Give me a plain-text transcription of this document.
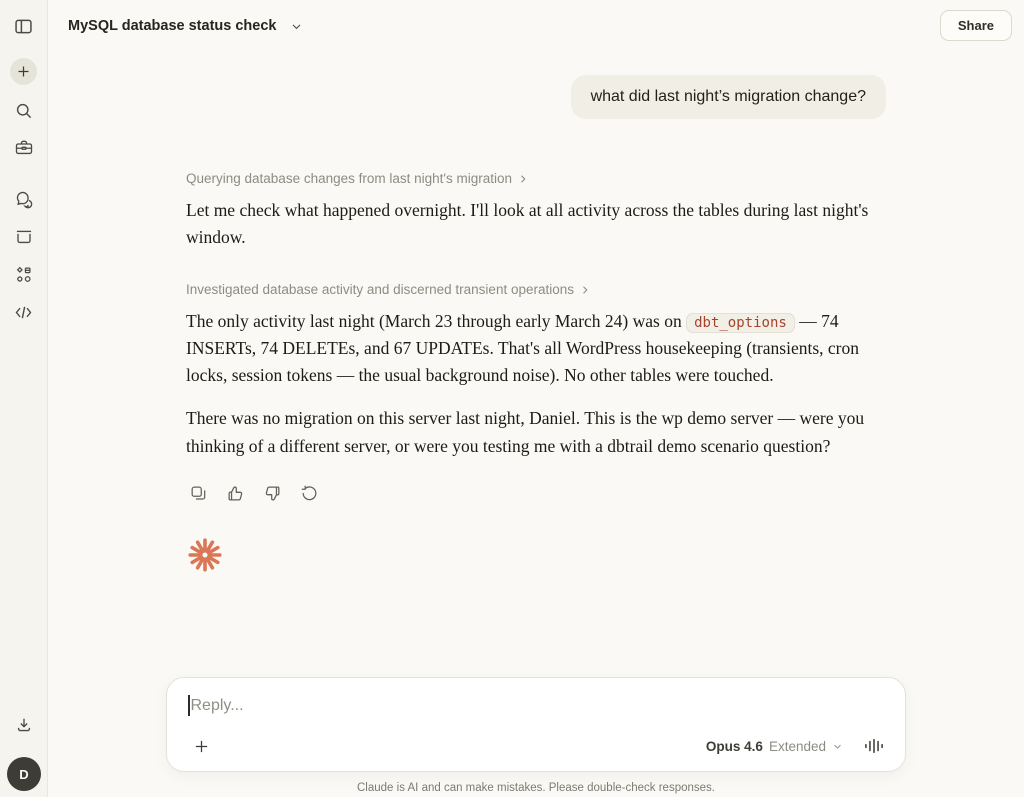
D
MySQL database status check	Share
what did last night’s migration change?
Querying database changes from last night's migration

Let me check what happened overnight. I'll look at all activity across the tables during last night's window.

Investigated database activity and discerned transient operations

The only activity last night (March 23 through early March 24) was on dbt_options — 74 INSERTs, 74 DELETEs, and 67 UPDATEs. That's all WordPress housekeeping (transients, cron locks, session tokens — the usual background noise). No other tables were touched.

There was no migration on this server last night, Daniel. This is the wp demo server — were you thinking of a different server, or were you testing me with a dbtrail demo scenario question?

Reply...
Opus 4.6 Extended
Claude is AI and can make mistakes. Please double-check responses.
